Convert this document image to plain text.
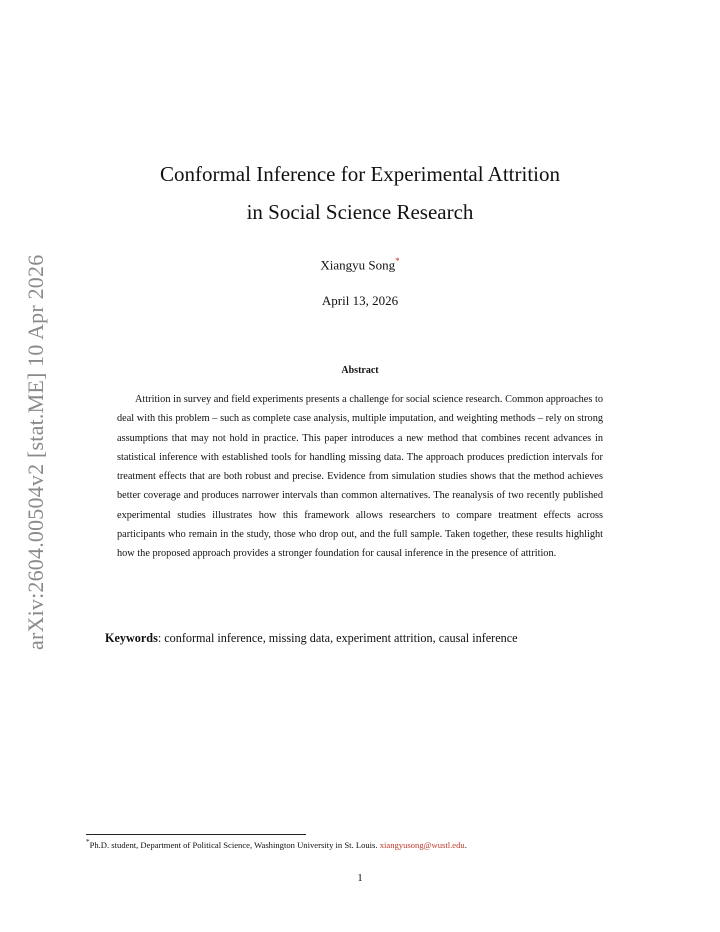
arXiv:2604.00504v2 [stat.ME] 10 Apr 2026
Conformal Inference for Experimental Attrition
in Social Science Research
Xiangyu Song*
April 13, 2026
Abstract

Attrition in survey and field experiments presents a challenge for social science research. Common approaches to deal with this problem – such as complete case analysis, multiple imputation, and weighting methods – rely on strong assumptions that may not hold in practice. This paper introduces a new method that combines recent advances in statistical inference with established tools for handling missing data. The approach produces prediction intervals for treatment effects that are both robust and precise. Evidence from simulation studies shows that the method achieves better coverage and produces narrower intervals than common alternatives. The reanalysis of two recently published experimental studies illustrates how this framework allows researchers to compare treatment effects across participants who remain in the study, those who drop out, and the full sample. Taken together, these results highlight how the proposed approach provides a stronger foundation for causal inference in the presence of attrition.

Keywords: conformal inference, missing data, experiment attrition, causal inference
*Ph.D. student, Department of Political Science, Washington University in St. Louis. xiangyusong@wustl.edu.
1
